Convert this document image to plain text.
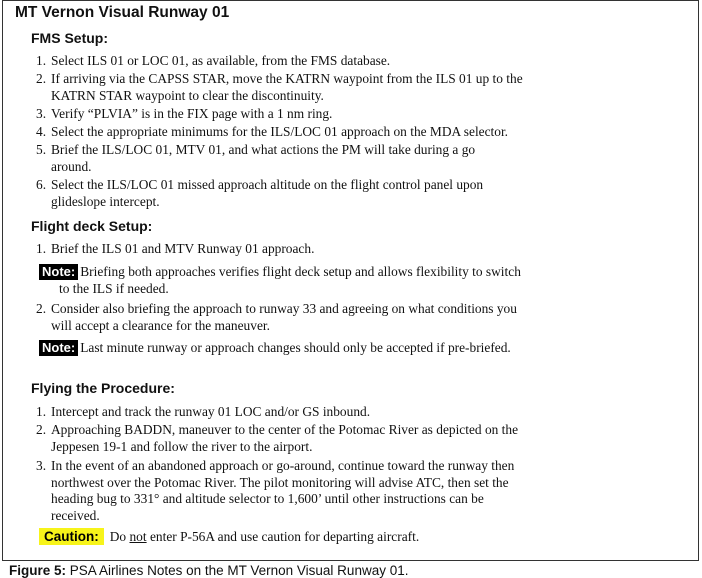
MT Vernon Visual Runway 01
FMS Setup:
1. Select ILS 01 or LOC 01, as available, from the FMS database.
2. If arriving via the CAPSS STAR, move the KATRN waypoint from the ILS 01 up to the KATRN STAR waypoint to clear the discontinuity.
3. Verify “PLVIA” is in the FIX page with a 1 nm ring.
4. Select the appropriate minimums for the ILS/LOC 01 approach on the MDA selector.
5. Brief the ILS/LOC 01, MTV 01, and what actions the PM will take during a go around.
6. Select the ILS/LOC 01 missed approach altitude on the flight control panel upon glideslope intercept.
Flight deck Setup:
1. Brief the ILS 01 and MTV Runway 01 approach.
Note: Briefing both approaches verifies flight deck setup and allows flexibility to switch to the ILS if needed.
2. Consider also briefing the approach to runway 33 and agreeing on what conditions you will accept a clearance for the maneuver.
Note: Last minute runway or approach changes should only be accepted if pre-briefed.
Flying the Procedure:
1. Intercept and track the runway 01 LOC and/or GS inbound.
2. Approaching BADDN, maneuver to the center of the Potomac River as depicted on the Jeppesen 19-1 and follow the river to the airport.
3. In the event of an abandoned approach or go-around, continue toward the runway then northwest over the Potomac River. The pilot monitoring will advise ATC, then set the heading bug to 331° and altitude selector to 1,600’ until other instructions can be received.
Caution: Do not enter P-56A and use caution for departing aircraft.
Figure 5: PSA Airlines Notes on the MT Vernon Visual Runway 01.
